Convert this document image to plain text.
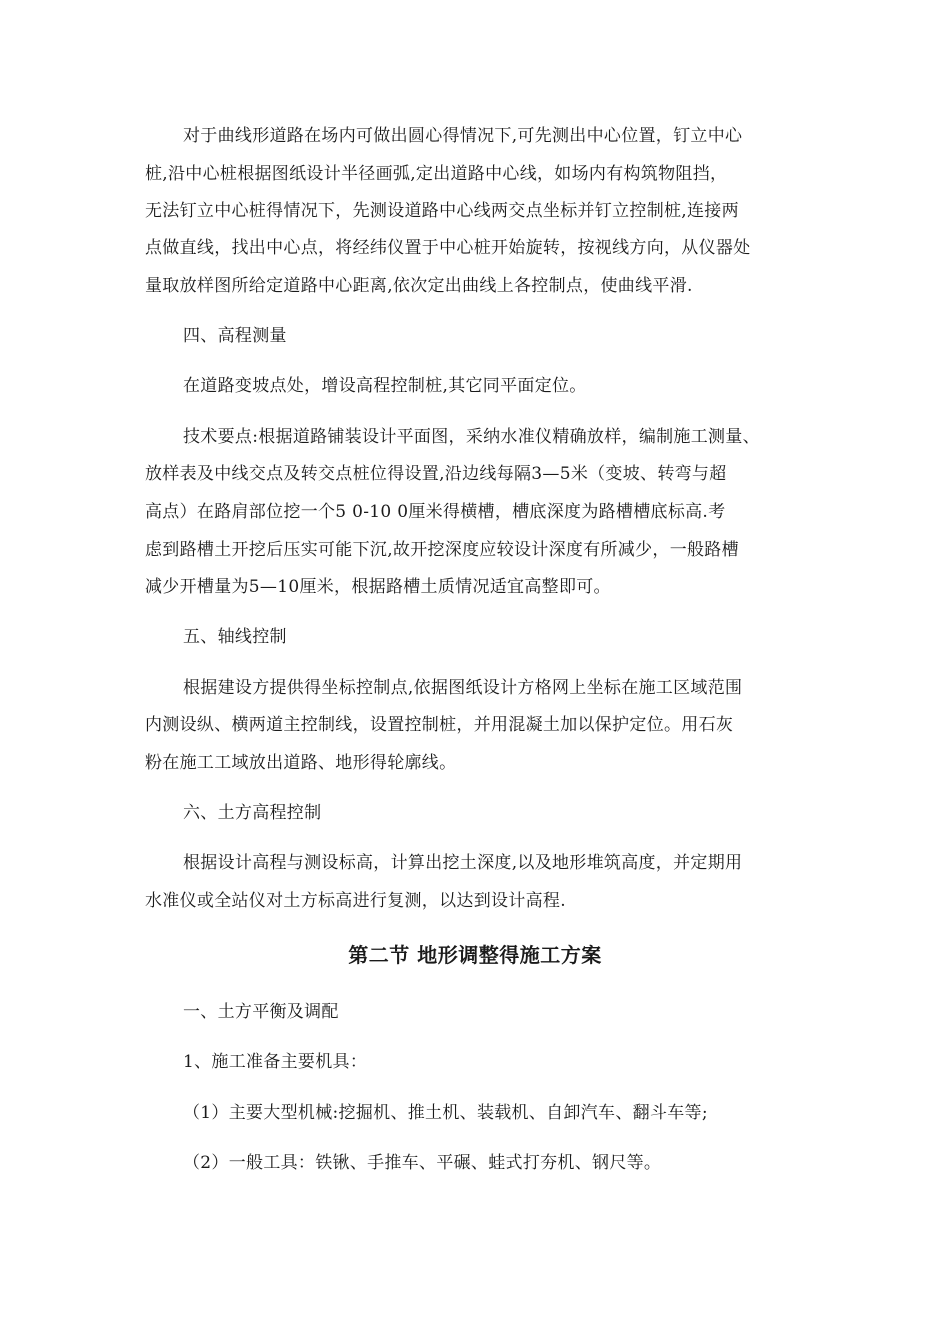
对于曲线形道路在场内可做出圆心得情况下,可先测出中心位置，钉立中心
桩,沿中心桩根据图纸设计半径画弧,定出道路中心线，如场内有构筑物阻挡，
无法钉立中心桩得情况下，先测设道路中心线两交点坐标并钉立控制桩,连接两
点做直线，找出中心点，将经纬仪置于中心桩开始旋转，按视线方向，从仪器处
量取放样图所给定道路中心距离,依次定出曲线上各控制点，使曲线平滑.
四、高程测量
在道路变坡点处，增设高程控制桩,其它同平面定位。
技术要点:根据道路铺装设计平面图，采纳水准仪精确放样，编制施工测量、
放样表及中线交点及转交点桩位得设置,沿边线每隔3—5米（变坡、转弯与超
高点）在路肩部位挖一个5 0-10 0厘米得横槽，槽底深度为路槽槽底标高.考
虑到路槽土开挖后压实可能下沉,故开挖深度应较设计深度有所减少，一般路槽
减少开槽量为5—10厘米，根据路槽土质情况适宜高整即可。
五、轴线控制
根据建设方提供得坐标控制点,依据图纸设计方格网上坐标在施工区域范围
内测设纵、横两道主控制线，设置控制桩，并用混凝土加以保护定位。用石灰
粉在施工工域放出道路、地形得轮廓线。
六、土方高程控制
根据设计高程与测设标高，计算出挖土深度,以及地形堆筑高度，并定期用
水准仪或全站仪对土方标高进行复测，以达到设计高程.
第二节 地形调整得施工方案
一、土方平衡及调配
1、施工准备主要机具：
（1）主要大型机械:挖掘机、推土机、装载机、自卸汽车、翻斗车等;
（2）一般工具：铁锹、手推车、平碾、蛙式打夯机、钢尺等。
